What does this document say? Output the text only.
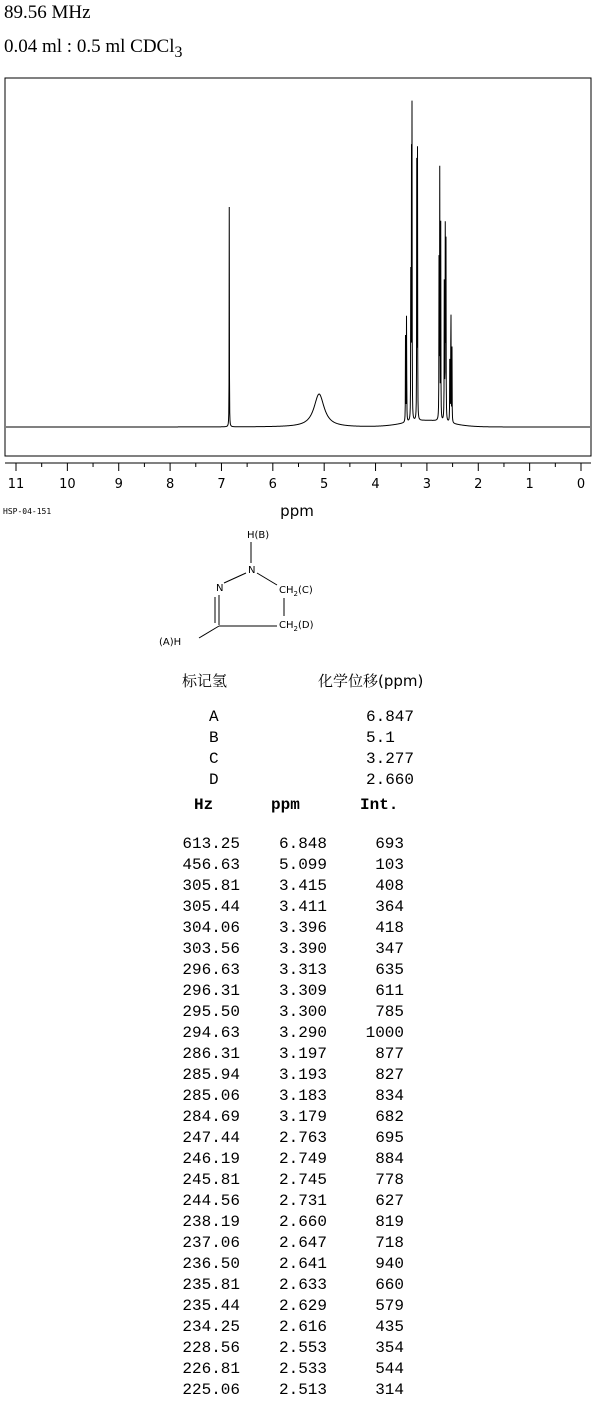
89.56 MHz
0.04 ml : 0.5 ml CDCl$_3$
11	10	9	8	7	6	5	4	3	2	1	0
ppm
HSP-04-151
H(B)
N
N	$CH_2(C)$
$CH_2(D)$
(A)H
标记氢	化学位移(ppm)
A	6.847
B	5.1
C	3.277
D	2.660
Hz	ppm	Int.
613.25	6.848	693
456.63	5.099	103
305.81	3.415	408
305.44	3.411	364
304.06	3.396	418
303.56	3.390	347
296.63	3.313	635
296.31	3.309	611
295.50	3.300	785
294.63	3.290	1000
286.31	3.197	877
285.94	3.193	827
285.06	3.183	834
284.69	3.179	682
247.44	2.763	695
246.19	2.749	884
245.81	2.745	778
244.56	2.731	627
238.19	2.660	819
237.06	2.647	718
236.50	2.641	940
235.81	2.633	660
235.44	2.629	579
234.25	2.616	435
228.56	2.553	354
226.81	2.533	544
225.06	2.513	314
